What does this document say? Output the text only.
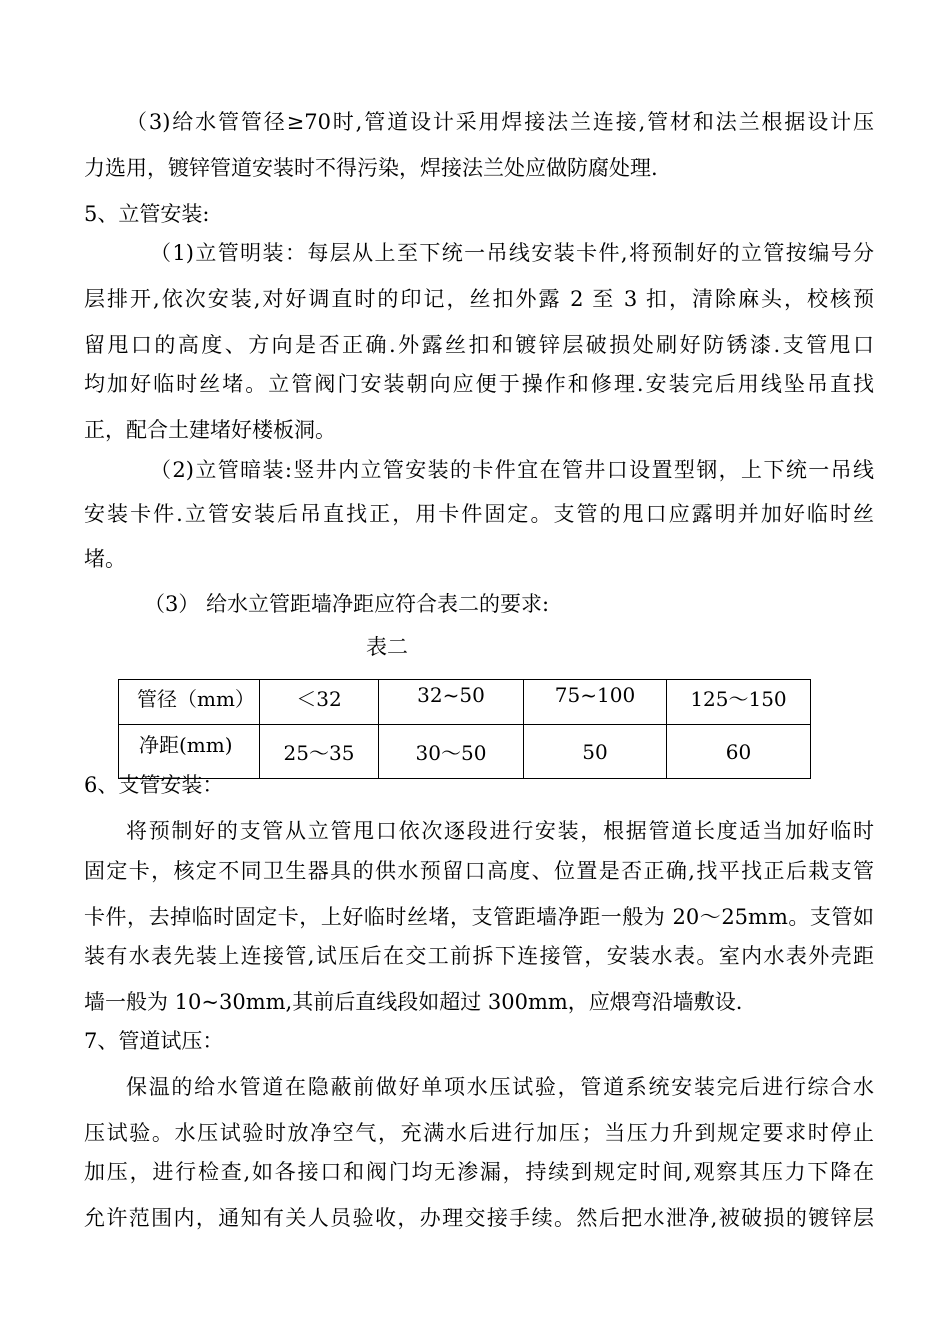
（3)给水管管径≥70时,管道设计采用焊接法兰连接,管材和法兰根据设计压
力选用，镀锌管道安装时不得污染，焊接法兰处应做防腐处理.
5、立管安装:
（1)立管明装：每层从上至下统一吊线安装卡件,将预制好的立管按编号分
层排开,依次安装,对好调直时的印记，丝扣外露 2 至 3 扣，清除麻头，校核预
留甩口的高度、方向是否正确.外露丝扣和镀锌层破损处刷好防锈漆.支管甩口
均加好临时丝堵。立管阀门安装朝向应便于操作和修理.安装完后用线坠吊直找
正，配合土建堵好楼板洞。
（2)立管暗装:竖井内立管安装的卡件宜在管井口设置型钢，上下统一吊线
安装卡件.立管安装后吊直找正，用卡件固定。支管的甩口应露明并加好临时丝
堵。
（3） 给水立管距墙净距应符合表二的要求:
表二
管径（mm）	＜32	32~50	75~100	125～150
净距(mm)	25～35	30～50	50	60
6、支管安装：
将预制好的支管从立管甩口依次逐段进行安装，根据管道长度适当加好临时
固定卡，核定不同卫生器具的供水预留口高度、位置是否正确,找平找正后栽支管
卡件，去掉临时固定卡，上好临时丝堵，支管距墙净距一般为 20～25mm。支管如
装有水表先装上连接管,试压后在交工前拆下连接管，安装水表。室内水表外壳距
墙一般为 10~30mm,其前后直线段如超过 300mm，应煨弯沿墙敷设.
7、管道试压：
保温的给水管道在隐蔽前做好单项水压试验，管道系统安装完后进行综合水
压试验。水压试验时放净空气，充满水后进行加压；当压力升到规定要求时停止
加压，进行检查,如各接口和阀门均无渗漏，持续到规定时间,观察其压力下降在
允许范围内，通知有关人员验收，办理交接手续。然后把水泄净,被破损的镀锌层
